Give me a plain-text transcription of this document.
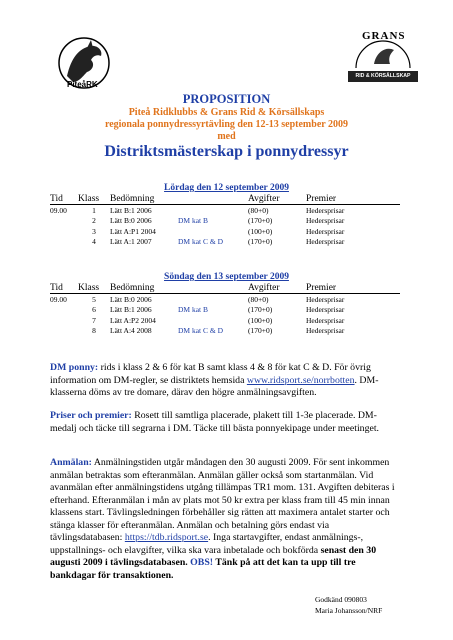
PiteåRK
GRANS
RID & KÖRSÄLLSKAP
PROPOSITION
Piteå Ridklubbs & Grans Rid & Körsällskaps
regionala ponnydressyrtävling den 12-13 september 2009
med
Distriktsmästerskap i ponnydressyr
Lördag den 12 september 2009
Tid	Klass	Bedömning		Avgifter	Premier
09.00	1	Lätt B:1 2006		(80+0)	Hedersprisar
	2	Lätt B:0 2006	DM kat B	(170+0)	Hedersprisar
	3	Lätt A:P1 2004		(100+0)	Hedersprisar
	4	Lätt A:1 2007	DM kat C & D	(170+0)	Hedersprisar
Söndag den 13 september 2009
Tid	Klass	Bedömning		Avgifter	Premier
09.00	5	Lätt B:0 2006		(80+0)	Hedersprisar
	6	Lätt B:1 2006	DM kat B	(170+0)	Hedersprisar
	7	Lätt A:P2 2004		(100+0)	Hedersprisar
	8	Lätt A:4 2008	DM kat C & D	(170+0)	Hedersprisar
DM ponny: rids i klass 2 & 6 för kat B samt klass 4 & 8 för kat C & D. För övrig information om DM-regler, se distriktets hemsida www.ridsport.se/norrbotten. DM-klasserna döms av tre domare, därav den högre anmälningsavgiften.
Priser och premier: Rosett till samtliga placerade, plakett till 1-3e placerade. DM-medalj och täcke till segrarna i DM. Täcke till bästa ponnyekipage under meetinget.
Anmälan: Anmälningstiden utgår måndagen den 30 augusti 2009. För sent inkommen anmälan betraktas som efteranmälan. Anmälan gäller också som startanmälan. Vid avanmälan efter anmälningstidens utgång tillämpas TR1 mom. 131. Avgiften debiteras i efterhand. Efteranmälan i mån av plats mot 50 kr extra per klass fram till 45 min innan klassens start. Tävlingsledningen förbehåller sig rätten att maximera antalet starter och stänga klasser för efteranmälan. Anmälan och betalning görs endast via tävlingsdatabasen: https://tdb.ridsport.se. Inga startavgifter, endast anmälnings-, uppstallnings- och elavgifter, vilka ska vara inbetalade och bokförda senast den 30 augusti 2009 i tävlingsdatabasen. OBS! Tänk på att det kan ta upp till tre bankdagar för transaktionen.
Godkänd 090803
Maria Johansson/NRF
